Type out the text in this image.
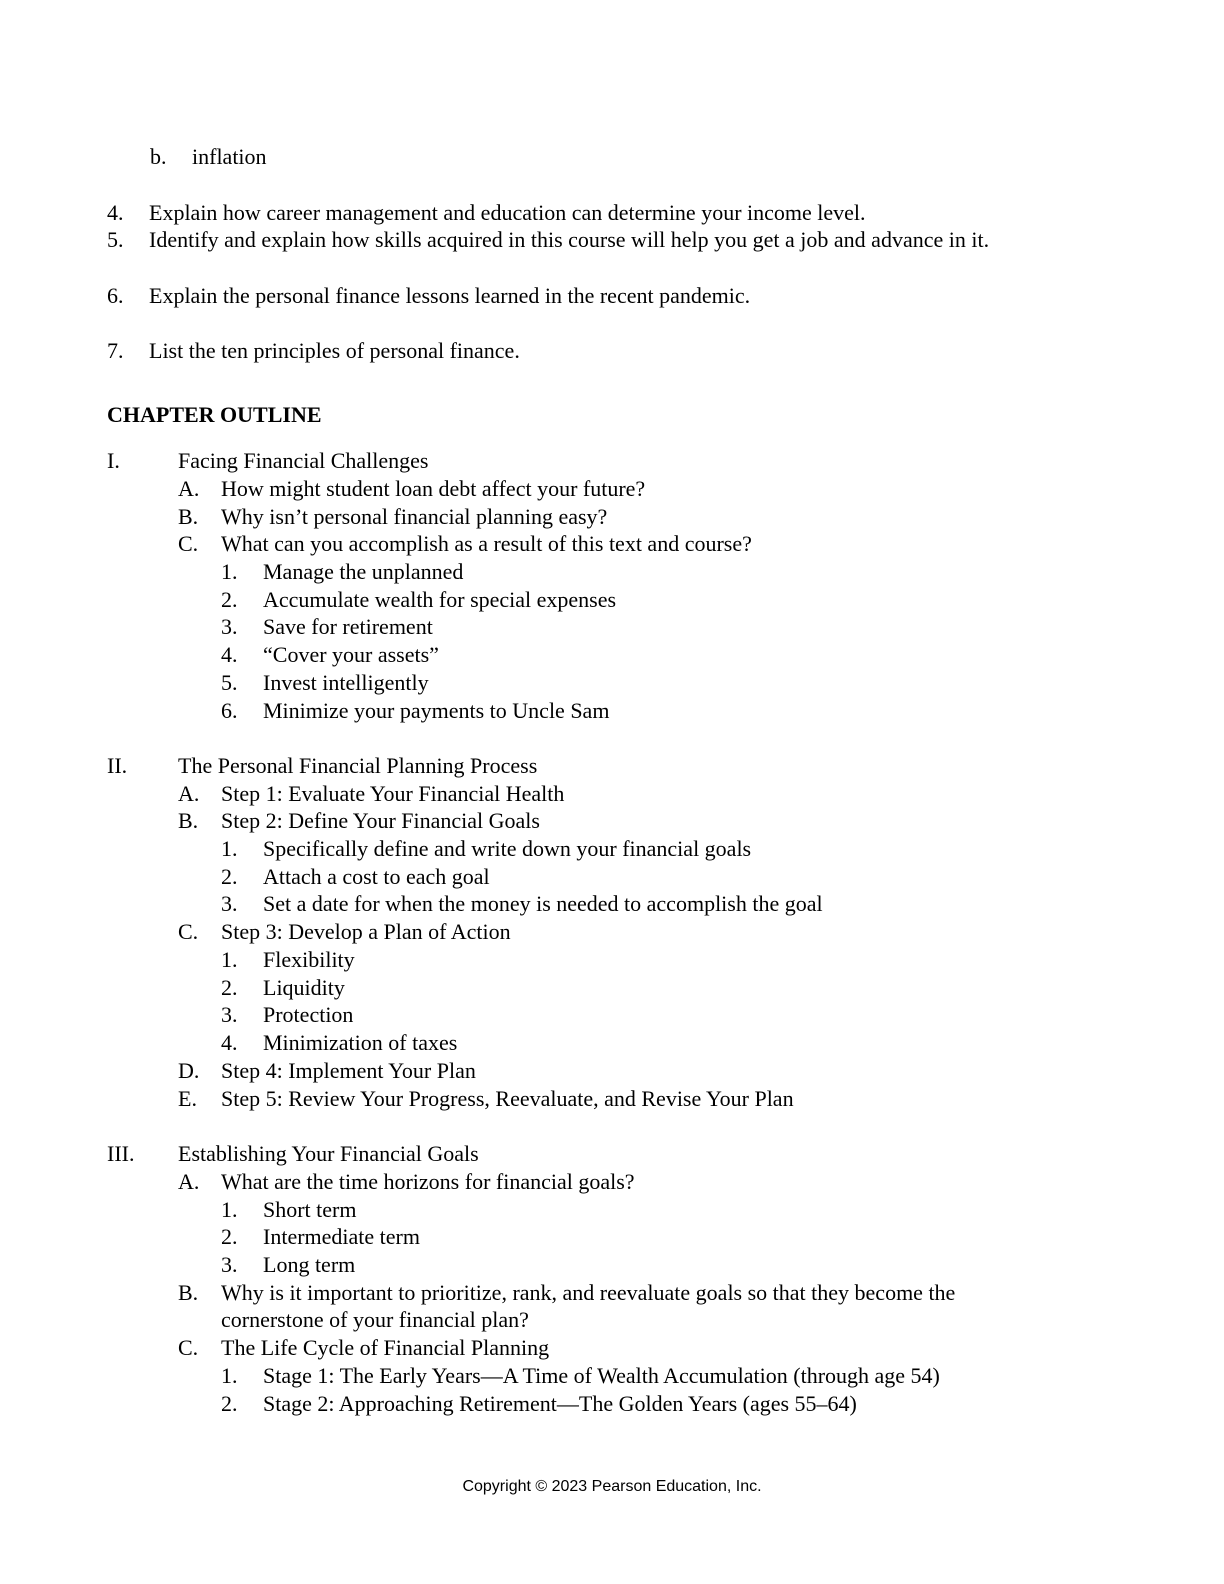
b. inflation
4. Explain how career management and education can determine your income level.
5. Identify and explain how skills acquired in this course will help you get a job and advance in it.
6. Explain the personal finance lessons learned in the recent pandemic.
7. List the ten principles of personal finance.
CHAPTER OUTLINE
I.	Facing Financial Challenges
A. How might student loan debt affect your future?
B. Why isn’t personal financial planning easy?
C. What can you accomplish as a result of this text and course?
1. Manage the unplanned
2. Accumulate wealth for special expenses
3. Save for retirement
4. “Cover your assets”
5. Invest intelligently
6. Minimize your payments to Uncle Sam
II. The Personal Financial Planning Process
A. Step 1: Evaluate Your Financial Health
B. Step 2: Define Your Financial Goals
1. Specifically define and write down your financial goals
2. Attach a cost to each goal
3. Set a date for when the money is needed to accomplish the goal
C. Step 3: Develop a Plan of Action
1. Flexibility
2. Liquidity
3. Protection
4. Minimization of taxes
D. Step 4: Implement Your Plan
E. Step 5: Review Your Progress, Reevaluate, and Revise Your Plan
III. Establishing Your Financial Goals
A. What are the time horizons for financial goals?
1. Short term
2. Intermediate term
3. Long term
B. Why is it important to prioritize, rank, and reevaluate goals so that they become the
cornerstone of your financial plan?
C. The Life Cycle of Financial Planning
1. Stage 1: The Early Years—A Time of Wealth Accumulation (through age 54)
2. Stage 2: Approaching Retirement—The Golden Years (ages 55–64)
Copyright © 2023 Pearson Education, Inc.
